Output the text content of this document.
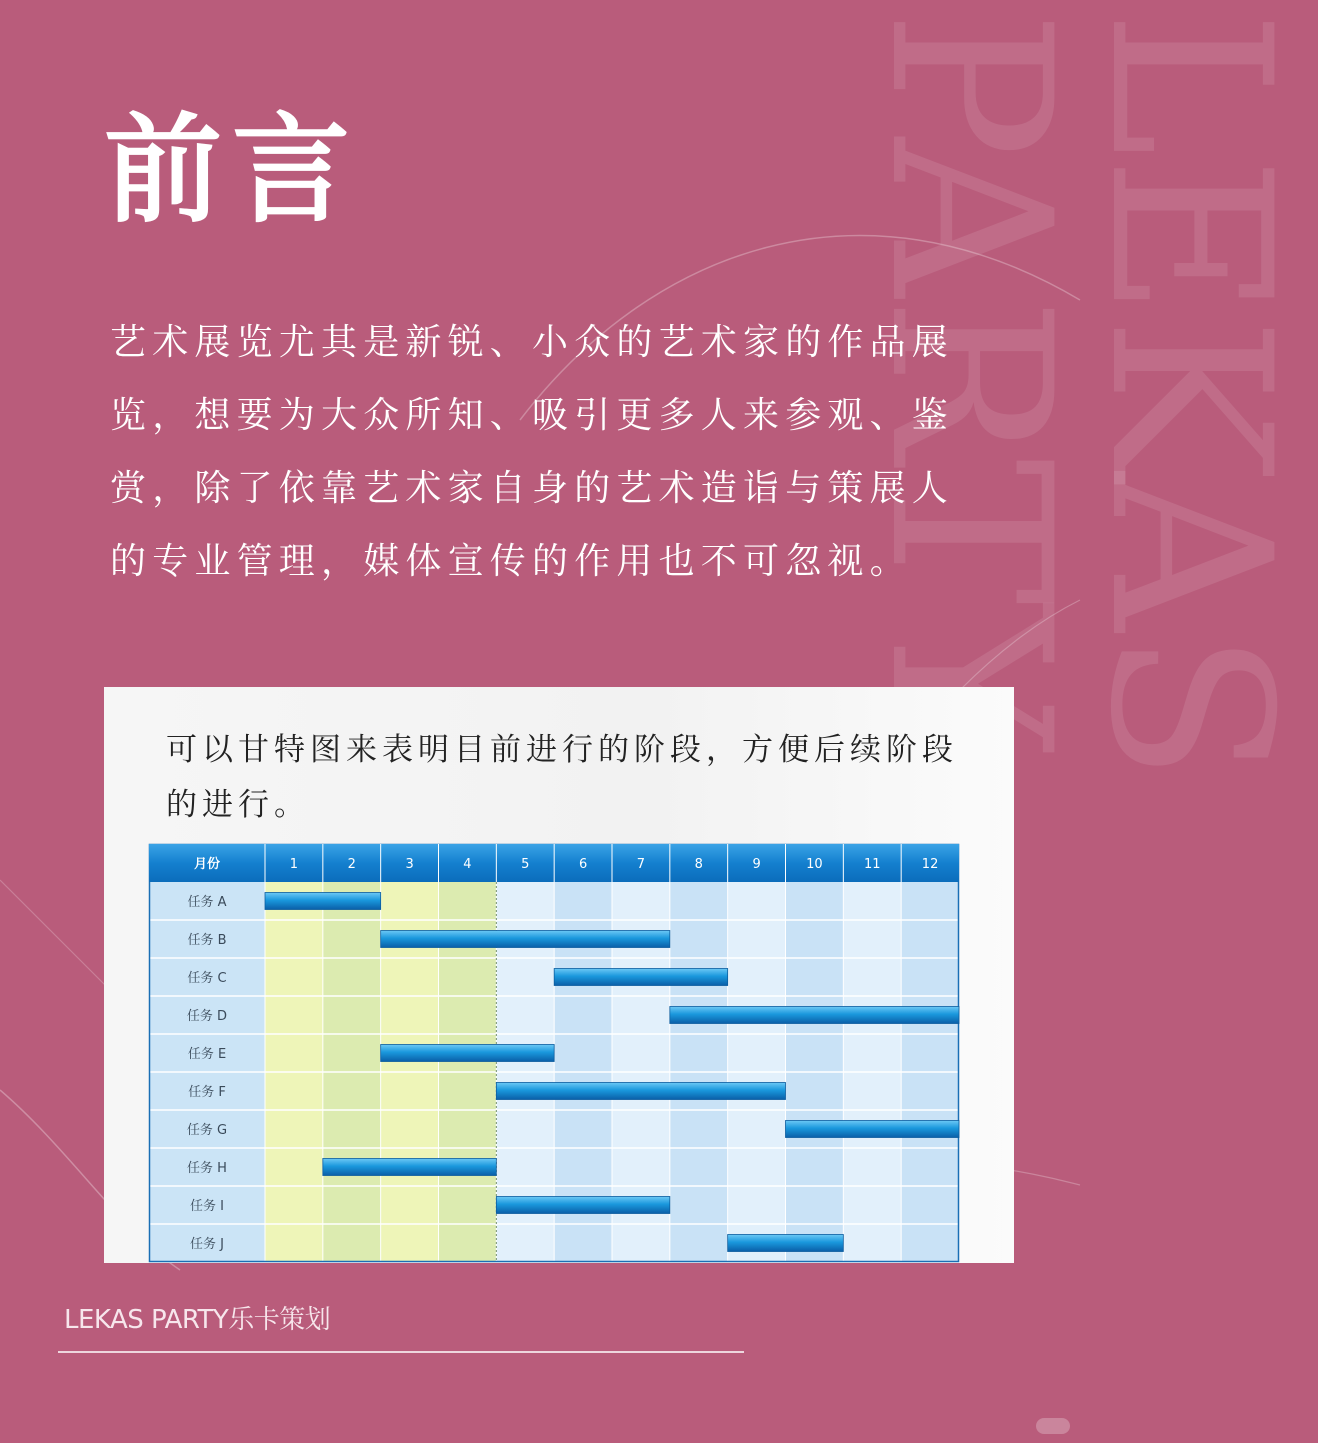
LEKAS PARTY
前言

艺术展览尤其是新锐、小众的艺术家的作品展览，想要为大众所知、吸引更多人来参观、鉴赏，除了依靠艺术家自身的艺术造诣与策展人的专业管理，媒体宣传的作用也不可忽视。

可以甘特图来表明目前进行的阶段，方便后续阶段的进行。

月份	1	2	3	4	5	6	7	8	9	10	11	12
任务 A
任务 B
任务 C
任务 D
任务 E
任务 F
任务 G
任务 H
任务 I
任务 J
LEKAS PARTY乐卡策划
